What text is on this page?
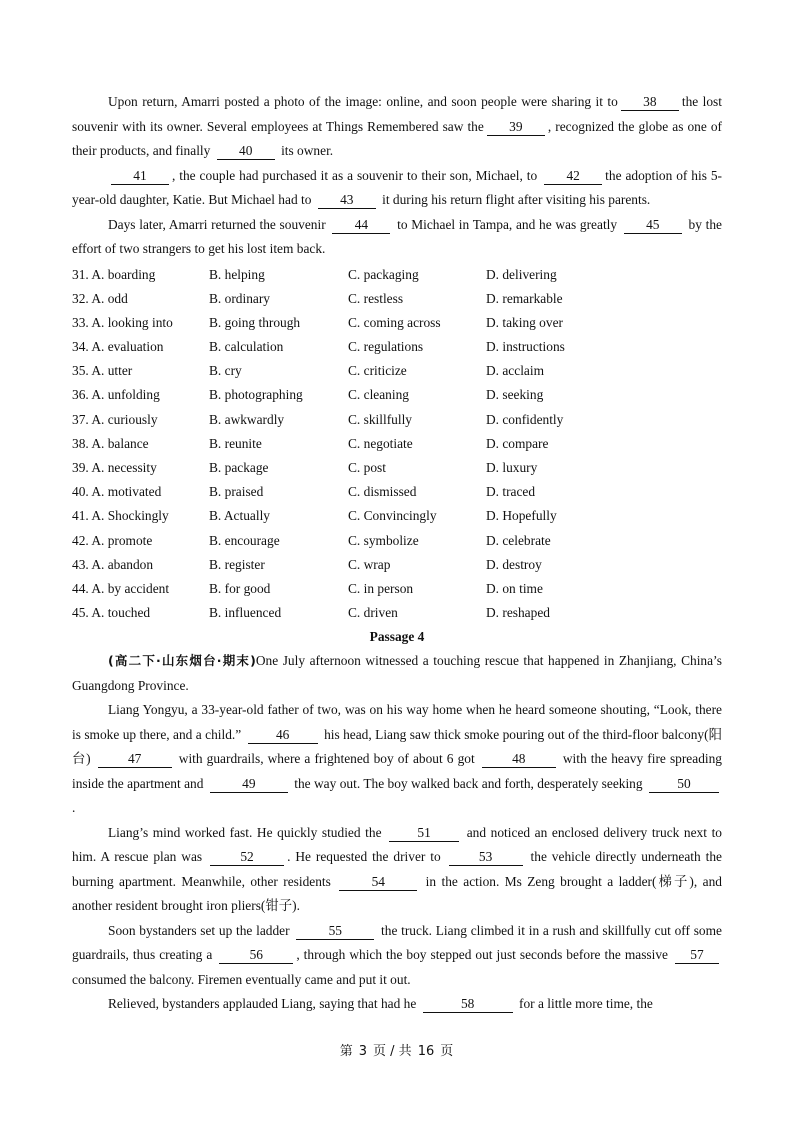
Upon return, Amarri posted a photo of the image: online, and soon people were sharing it to 38 the lost souvenir with its owner. Several employees at Things Remembered saw the 39 , recognized the globe as one of their products, and finally 40 its owner.

41 , the couple had purchased it as a souvenir to their son, Michael, to 42 the adoption of his 5-year-old daughter, Katie. But Michael had to 43 it during his return flight after visiting his parents.

Days later, Amarri returned the souvenir 44 to Michael in Tampa, and he was greatly 45 by the effort of two strangers to get his lost item back.

31. A. boarding	B. helping	C. packaging	D. delivering
32. A. odd	B. ordinary	C. restless	D. remarkable
33. A. looking into	B. going through	C. coming across	D. taking over
34. A. evaluation	B. calculation	C. regulations	D. instructions
35. A. utter	B. cry	C. criticize	D. acclaim
36. A. unfolding	B. photographing	C. cleaning	D. seeking
37. A. curiously	B. awkwardly	C. skillfully	D. confidently
38. A. balance	B. reunite	C. negotiate	D. compare
39. A. necessity	B. package	C. post	D. luxury
40. A. motivated	B. praised	C. dismissed	D. traced
41. A. Shockingly	B. Actually	C. Convincingly	D. Hopefully
42. A. promote	B. encourage	C. symbolize	D. celebrate
43. A. abandon	B. register	C. wrap	D. destroy
44. A. by accident	B. for good	C. in person	D. on time
45. A. touched	B. influenced	C. driven	D. reshaped
Passage 4

(高二下·山东烟台·期末)One July afternoon witnessed a touching rescue that happened in Zhanjiang, China’s Guangdong Province.

Liang Yongyu, a 33-year-old father of two, was on his way home when he heard someone shouting, “Look, there is smoke up there, and a child.”	46	his head, Liang saw thick smoke pouring out of the third-floor balcony(阳台)	47	with guardrails, where a frightened boy of about 6 got	48	with the heavy fire spreading inside the apartment and	49	the way out. The boy walked back and forth, desperately seeking	50.

Liang’s mind worked fast. He quickly studied the	51	and noticed an enclosed delivery truck next to him. A rescue plan was	52 . He requested the driver to	53	the vehicle directly underneath the burning apartment. Meanwhile, other residents	54	in the action. Ms Zeng brought a ladder(梯子), and another resident brought iron pliers(钳子).

Soon bystanders set up the ladder	55	the truck. Liang climbed it in a rush and skillfully cut off some guardrails, thus creating a	56 , through which the boy stepped out just seconds before the massive 57 consumed the balcony. Firemen eventually came and put it out.

Relieved, bystanders applauded Liang, saying that had he	58	for a little more time, the

第 3 页 / 共 16 页
